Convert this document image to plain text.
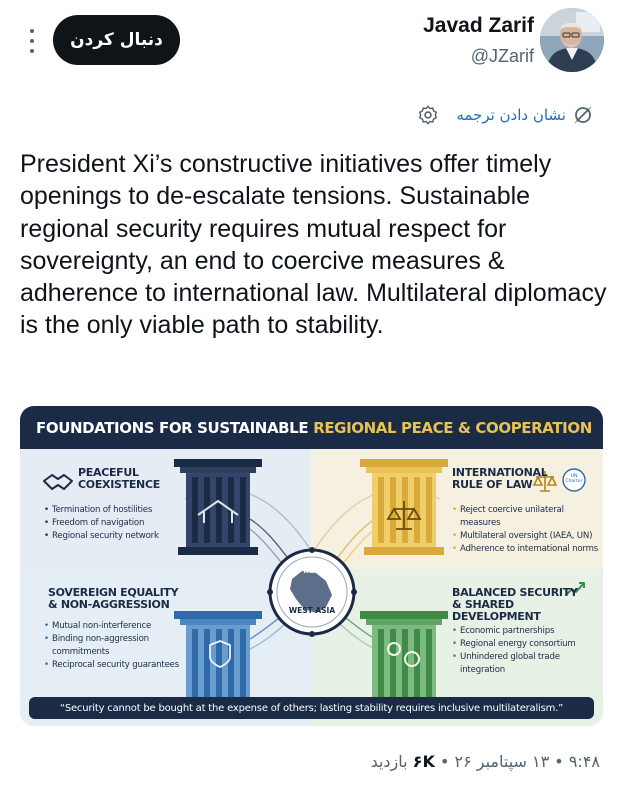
دنبال کردن
Javad Zarif
@JZarif
نشان دادن ترجمه
President Xi’s constructive initiatives offer timely openings to de-escalate tensions. Sustainable regional security requires mutual respect for sovereignty, an end to coercive measures & adherence to international law. Multilateral diplomacy is the only viable path to stability.
FOUNDATIONS FOR SUSTAINABLE REGIONAL PEACE & COOPERATION
IRAN
WEST ASIA
UN Charter
PEACEFUL
COEXISTENCE
• Termination of hostilities
• Freedom of navigation
• Regional security network
INTERNATIONAL
RULE OF LAW
• Reject coercive unilateral measures
• Multilateral oversight (IAEA, UN)
• Adherence to international norms
SOVEREIGN EQUALITY
& NON-AGGRESSION
• Mutual non-interference
• Binding non-aggression commitments
• Reciprocal security guarantees
BALANCED SECURITY
& SHARED DEVELOPMENT
• Economic partnerships
• Regional energy consortium
• Unhindered global trade integration
“Security cannot be bought at the expense of others; lasting stability requires inclusive multilateralism.”
۹:۴۸ • ۱۳ سپتامبر ۲۶ • ۶K بازدید
